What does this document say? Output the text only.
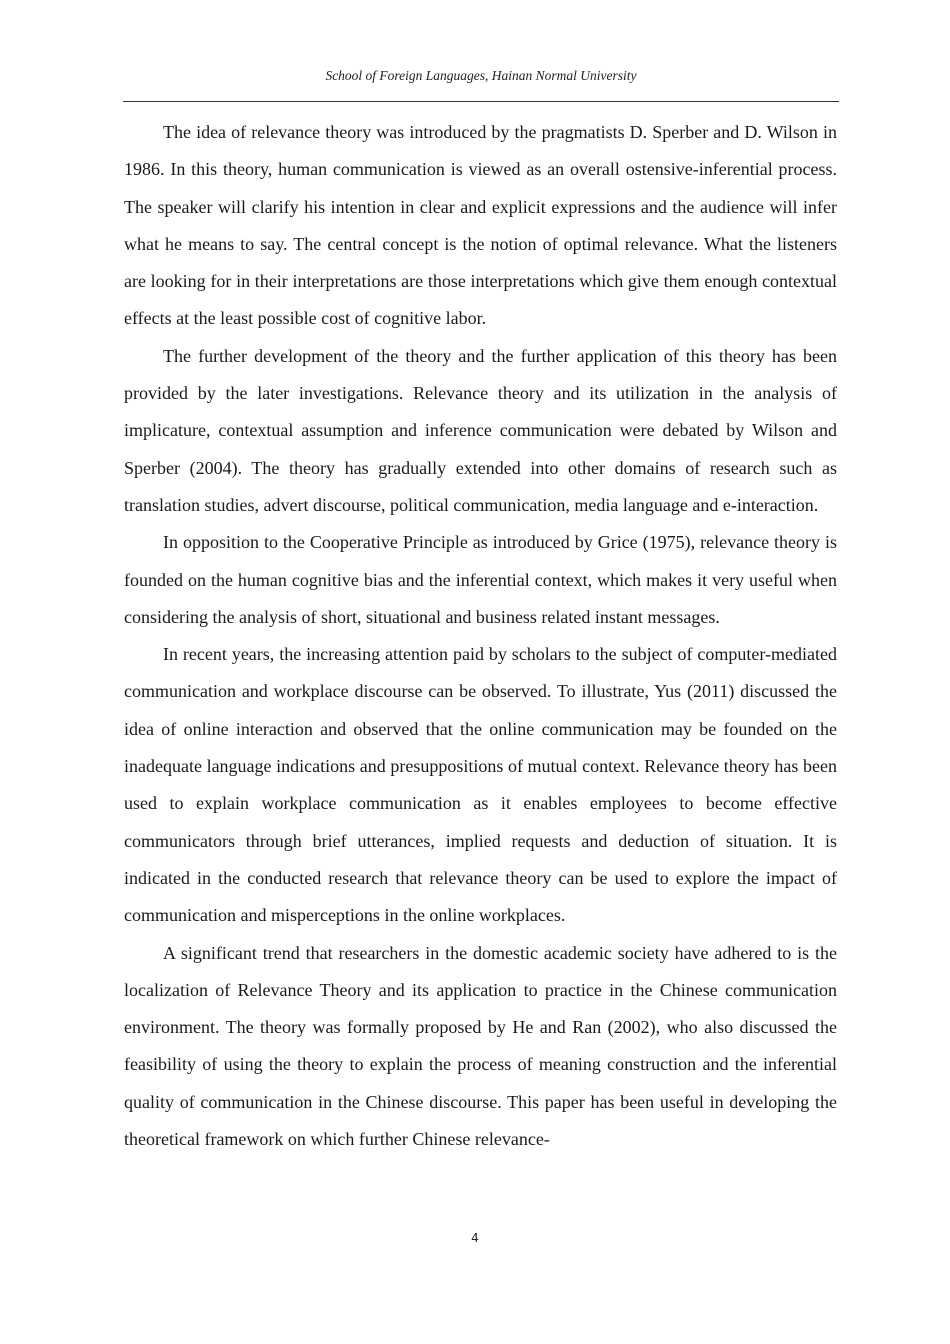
School of Foreign Languages, Hainan Normal University

The idea of relevance theory was introduced by the pragmatists D. Sperber and D. Wilson in 1986. In this theory, human communication is viewed as an overall ostensive-inferential process. The speaker will clarify his intention in clear and explicit expressions and the audience will infer what he means to say. The central concept is the notion of optimal relevance. What the listeners are looking for in their interpretations are those interpretations which give them enough contextual effects at the least possible cost of cognitive labor.

The further development of the theory and the further application of this theory has been provided by the later investigations. Relevance theory and its utilization in the analysis of implicature, contextual assumption and inference communication were debated by Wilson and Sperber (2004). The theory has gradually extended into other domains of research such as translation studies, advert discourse, political communication, media language and e-interaction.

In opposition to the Cooperative Principle as introduced by Grice (1975), relevance theory is founded on the human cognitive bias and the inferential context, which makes it very useful when considering the analysis of short, situational and business related instant messages.

In recent years, the increasing attention paid by scholars to the subject of computer-mediated communication and workplace discourse can be observed. To illustrate, Yus (2011) discussed the idea of online interaction and observed that the online communication may be founded on the inadequate language indications and presuppositions of mutual context. Relevance theory has been used to explain workplace communication as it enables employees to become effective communicators through brief utterances, implied requests and deduction of situation. It is indicated in the conducted research that relevance theory can be used to explore the impact of communication and misperceptions in the online workplaces.

A significant trend that researchers in the domestic academic society have adhered to is the localization of Relevance Theory and its application to practice in the Chinese communication environment. The theory was formally proposed by He and Ran (2002), who also discussed the feasibility of using the theory to explain the process of meaning construction and the inferential quality of communication in the Chinese discourse. This paper has been useful in developing the theoretical framework on which further Chinese relevance-

4
